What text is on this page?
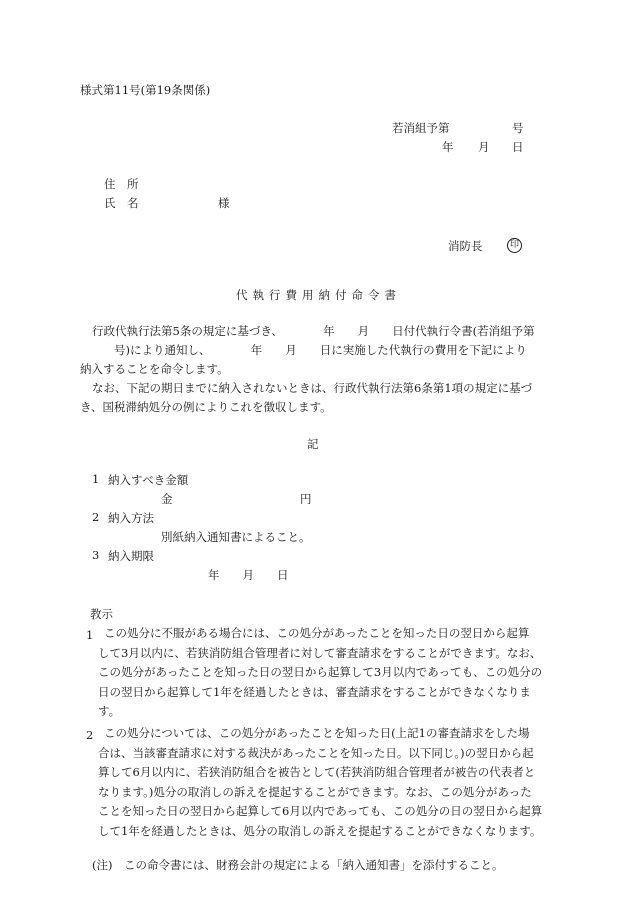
様式第11号(第19条関係)
若消組予第	号
年 月 日
住　所
氏　名	様
消防長	印
代執行費用納付命令書
行政代執行法第5条の規定に基づき、　　　　年　　月　　日付代執行令書(若消組予第
号)により通知し、　　　　年　　月　　日に実施した代執行の費用を下記により
納入することを命令します。
なお、下記の期日までに納入されないときは、行政代執行法第6条第1項の規定に基づ
き、国税滞納処分の例によりこれを徴収します。
記
1 納入すべき金額
金	円
2 納入方法
別紙納入通知書によること。
3 納入期限
年　　月　　日
教示
1 この処分に不服がある場合には、この処分があったことを知った日の翌日から起算
して3月以内に、若狭消防組合管理者に対して審査請求をすることができます。なお、
この処分があったことを知った日の翌日から起算して3月以内であっても、この処分の
日の翌日から起算して1年を経過したときは、審査請求をすることができなくなりま
す。
2 この処分については、この処分があったことを知った日(上記1の審査請求をした場
合は、当該審査請求に対する裁決があったことを知った日。以下同じ。)の翌日から起
算して6月以内に、若狭消防組合を被告として(若狭消防組合管理者が被告の代表者と
なります。)処分の取消しの訴えを提起することができます。なお、この処分があった
ことを知った日の翌日から起算して6月以内であっても、この処分の日の翌日から起算
して1年を経過したときは、処分の取消しの訴えを提起することができなくなります。
(注)　この命令書には、財務会計の規定による「納入通知書」を添付すること。
